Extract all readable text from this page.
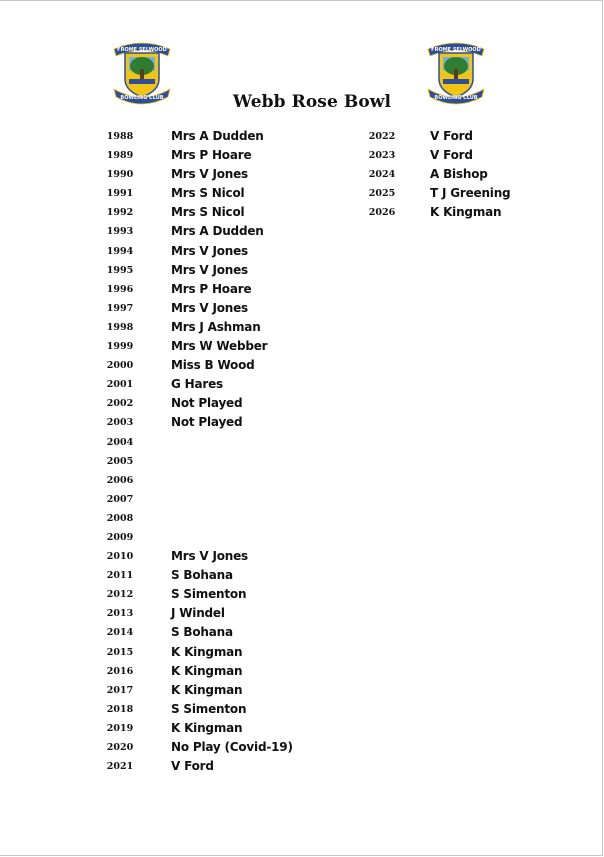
FROME SELWOOD
BOWLING CLUB
FROME SELWOOD
BOWLING CLUB
Webb Rose Bowl
1988	Mrs A Dudden
1989	Mrs P Hoare
1990	Mrs V Jones
1991	Mrs S Nicol
1992	Mrs S Nicol
1993	Mrs A Dudden
1994	Mrs V Jones
1995	Mrs V Jones
1996	Mrs P Hoare
1997	Mrs V Jones
1998	Mrs J Ashman
1999	Mrs W Webber
2000	Miss B Wood
2001	G Hares
2002	Not Played
2003	Not Played
2004
2005
2006
2007
2008
2009
2010	Mrs V Jones
2011	S Bohana
2012	S Simenton
2013	J Windel
2014	S Bohana
2015	K Kingman
2016	K Kingman
2017	K Kingman
2018	S Simenton
2019	K Kingman
2020	No Play (Covid-19)
2021	V Ford
2022	V Ford
2023	V Ford
2024	A Bishop
2025	T J Greening
2026	K Kingman
